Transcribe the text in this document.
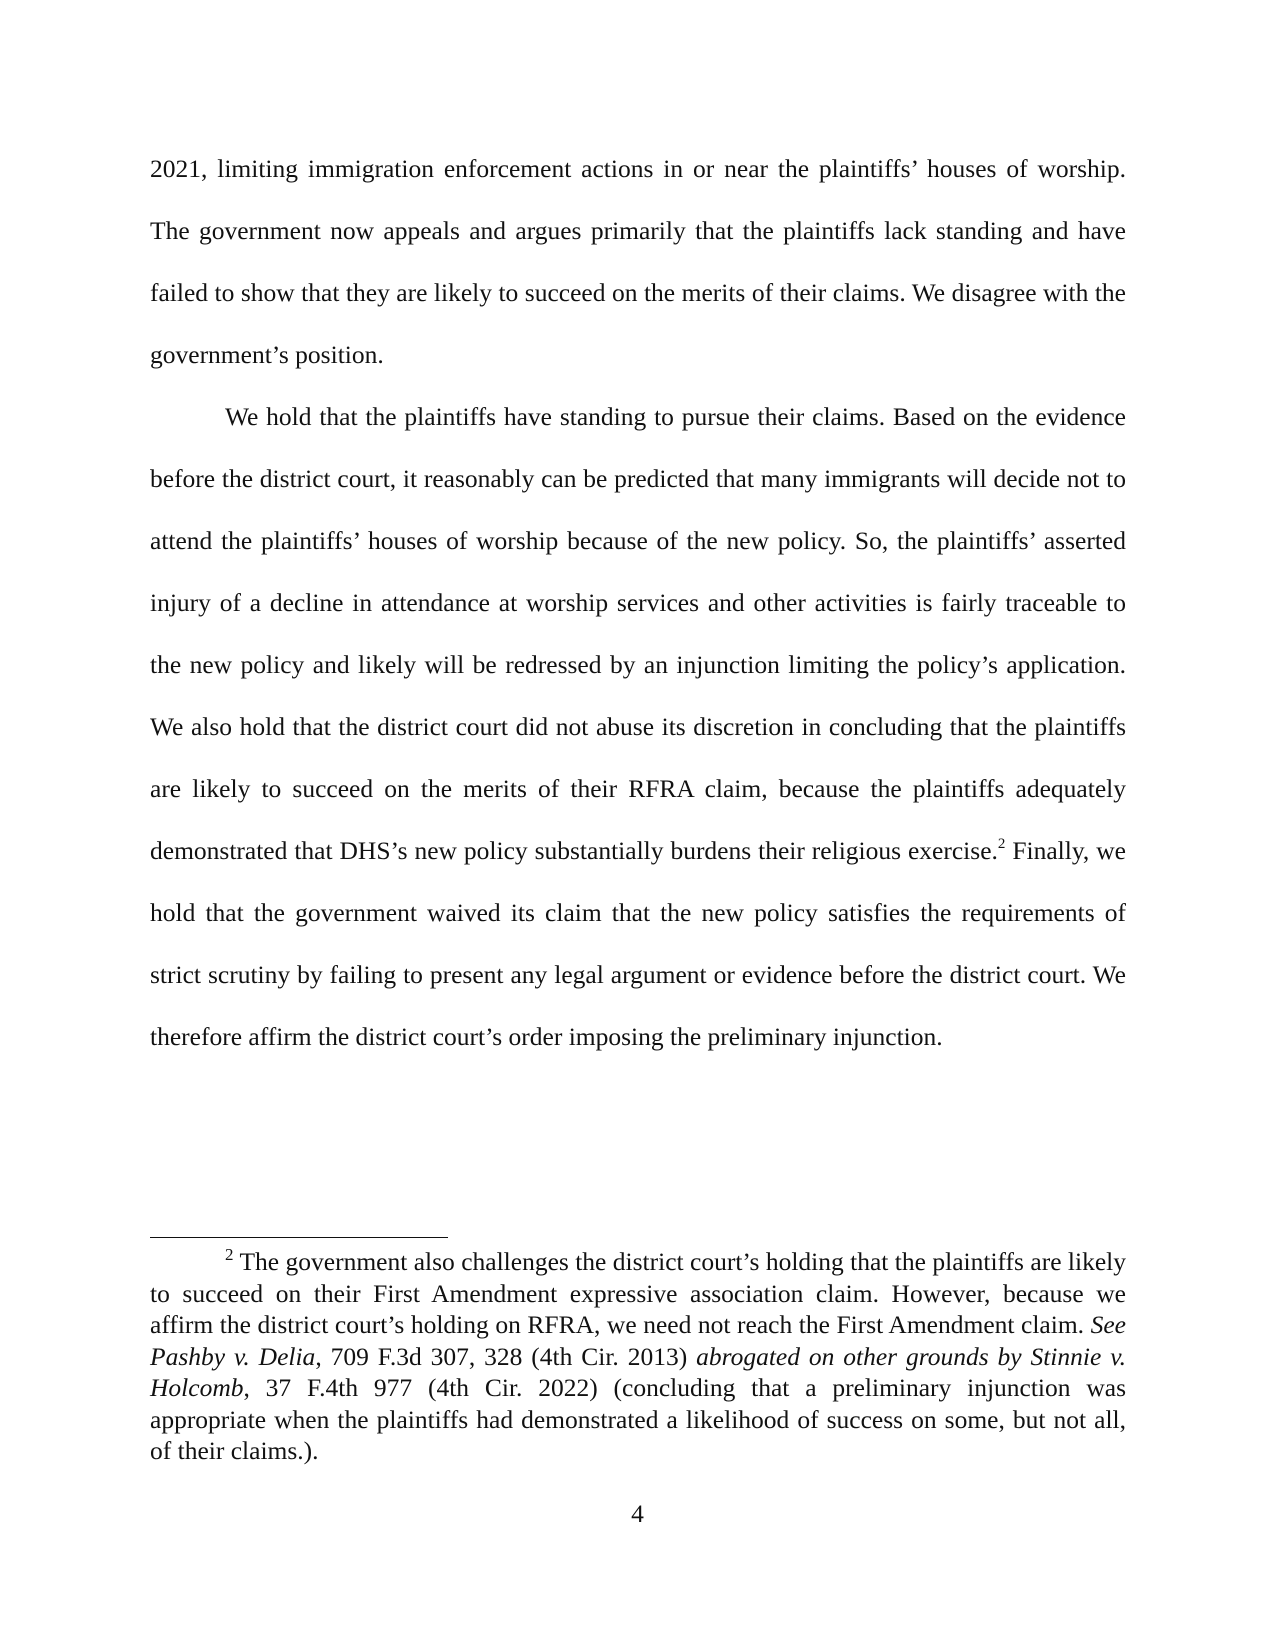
2021, limiting immigration enforcement actions in or near the plaintiffs’ houses of worship. The government now appeals and argues primarily that the plaintiffs lack standing and have failed to show that they are likely to succeed on the merits of their claims. We disagree with the government’s position.

We hold that the plaintiffs have standing to pursue their claims. Based on the evidence before the district court, it reasonably can be predicted that many immigrants will decide not to attend the plaintiffs’ houses of worship because of the new policy. So, the plaintiffs’ asserted injury of a decline in attendance at worship services and other activities is fairly traceable to the new policy and likely will be redressed by an injunction limiting the policy’s application. We also hold that the district court did not abuse its discretion in concluding that the plaintiffs are likely to succeed on the merits of their RFRA claim, because the plaintiffs adequately demonstrated that DHS’s new policy substantially burdens their religious exercise.$^2$ Finally, we hold that the government waived its claim that the new policy satisfies the requirements of strict scrutiny by failing to present any legal argument or evidence before the district court. We therefore affirm the district court’s order imposing the preliminary injunction.

$^2$ The government also challenges the district court’s holding that the plaintiffs are likely to succeed on their First Amendment expressive association claim. However, because we affirm the district court’s holding on RFRA, we need not reach the First Amendment claim. See Pashby v. Delia, 709 F.3d 307, 328 (4th Cir. 2013) abrogated on other grounds by Stinnie v. Holcomb, 37 F.4th 977 (4th Cir. 2022) (concluding that a preliminary injunction was appropriate when the plaintiffs had demonstrated a likelihood of success on some, but not all, of their claims.).

4
